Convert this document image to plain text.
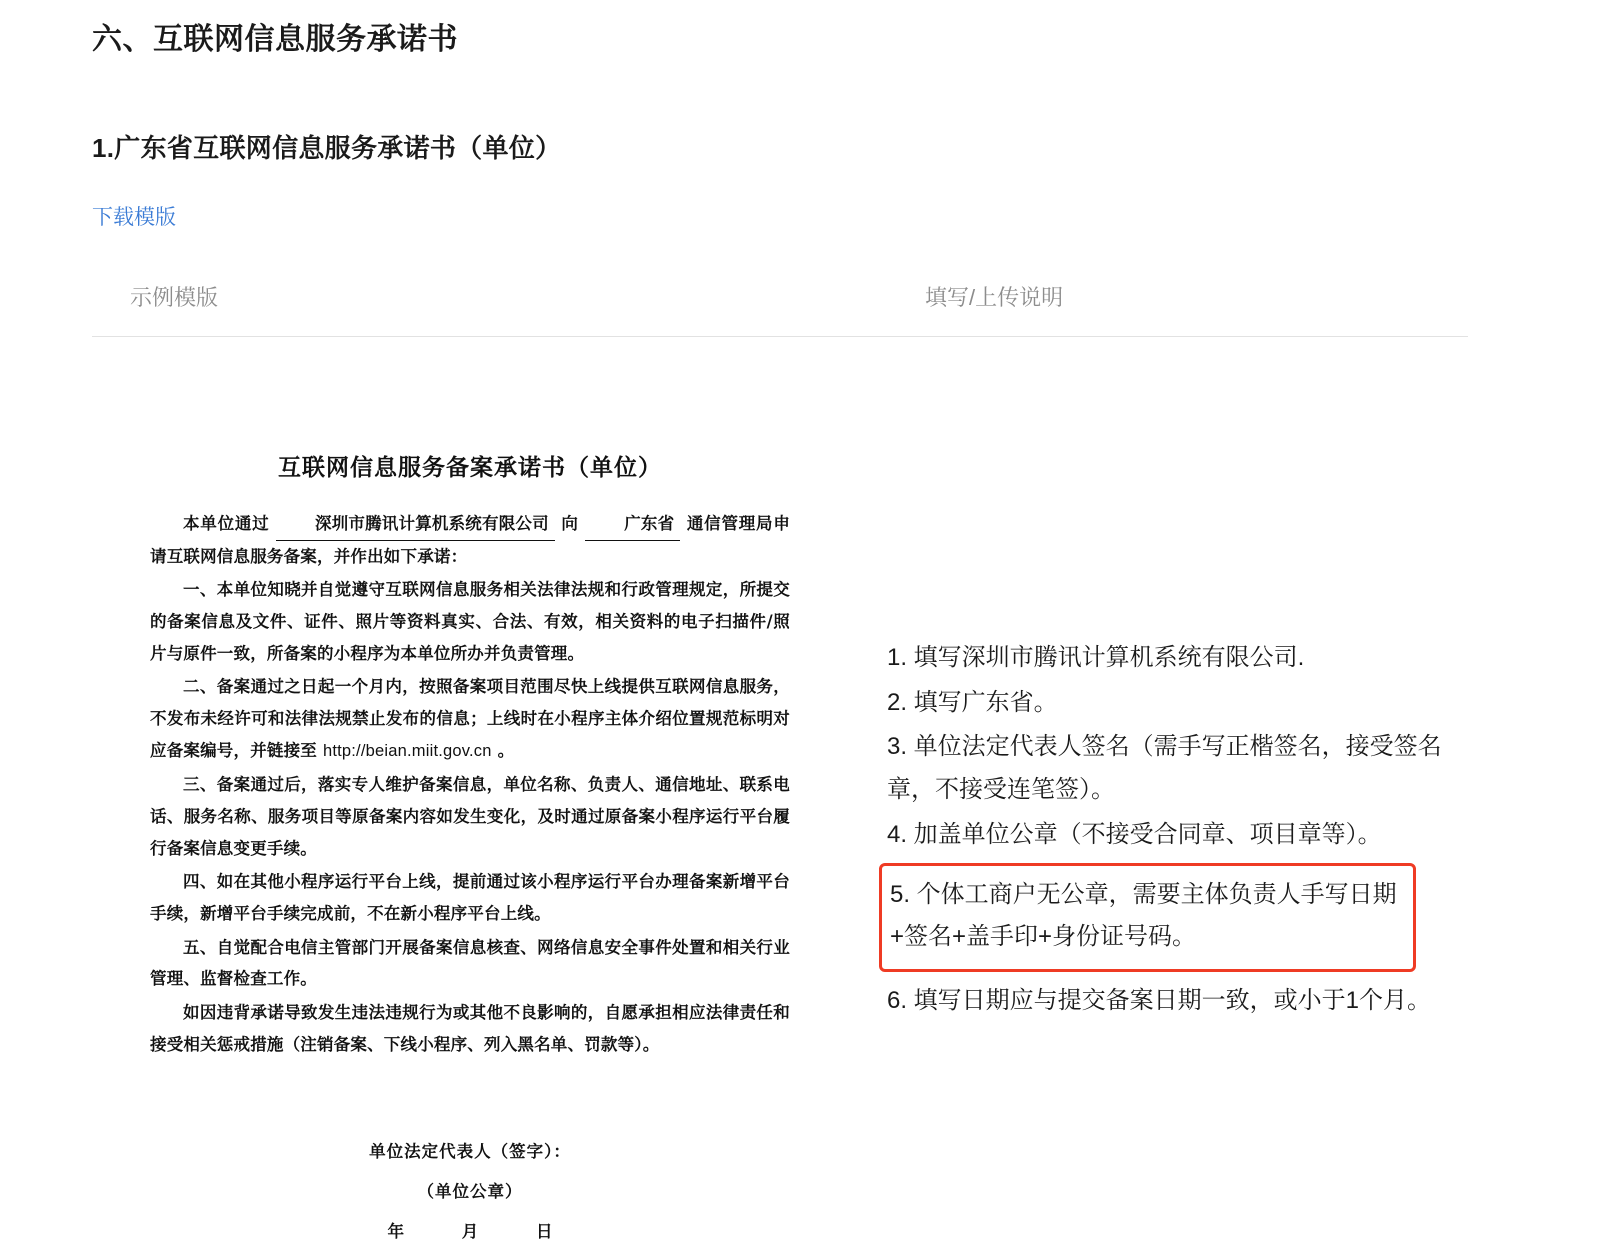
六、互联网信息服务承诺书
1.广东省互联网信息服务承诺书（单位）
下载模版
示例模版	填写/上传说明
互联网信息服务备案承诺书（单位）

本单位通过	深圳市腾讯计算机系统有限公司 向	广东省 通信管理局申请互联网信息服务备案，并作出如下承诺：

一、本单位知晓并自觉遵守互联网信息服务相关法律法规和行政管理规定，所提交的备案信息及文件、证件、照片等资料真实、合法、有效，相关资料的电子扫描件/照片与原件一致，所备案的小程序为本单位所办并负责管理。

二、备案通过之日起一个月内，按照备案项目范围尽快上线提供互联网信息服务，不发布未经许可和法律法规禁止发布的信息；上线时在小程序主体介绍位置规范标明对应备案编号，并链接至 http://beian.miit.gov.cn 。

三、备案通过后，落实专人维护备案信息，单位名称、负责人、通信地址、联系电话、服务名称、服务项目等原备案内容如发生变化，及时通过原备案小程序运行平台履行备案信息变更手续。

四、如在其他小程序运行平台上线，提前通过该小程序运行平台办理备案新增平台手续，新增平台手续完成前，不在新小程序平台上线。

五、自觉配合电信主管部门开展备案信息核查、网络信息安全事件处置和相关行业管理、监督检查工作。

如因违背承诺导致发生违法违规行为或其他不良影响的，自愿承担相应法律责任和接受相关惩戒措施（注销备案、下线小程序、列入黑名单、罚款等）。

单位法定代表人（签字）：
（单位公章）
年	月	日
1. 填写深圳市腾讯计算机系统有限公司.
2. 填写广东省。
3. 单位法定代表人签名（需手写正楷签名，接受签名章，不接受连笔签）。
4. 加盖单位公章（不接受合同章、项目章等）。
5. 个体工商户无公章，需要主体负责人手写日期+签名+盖手印+身份证号码。
6. 填写日期应与提交备案日期一致，或小于1个月。
